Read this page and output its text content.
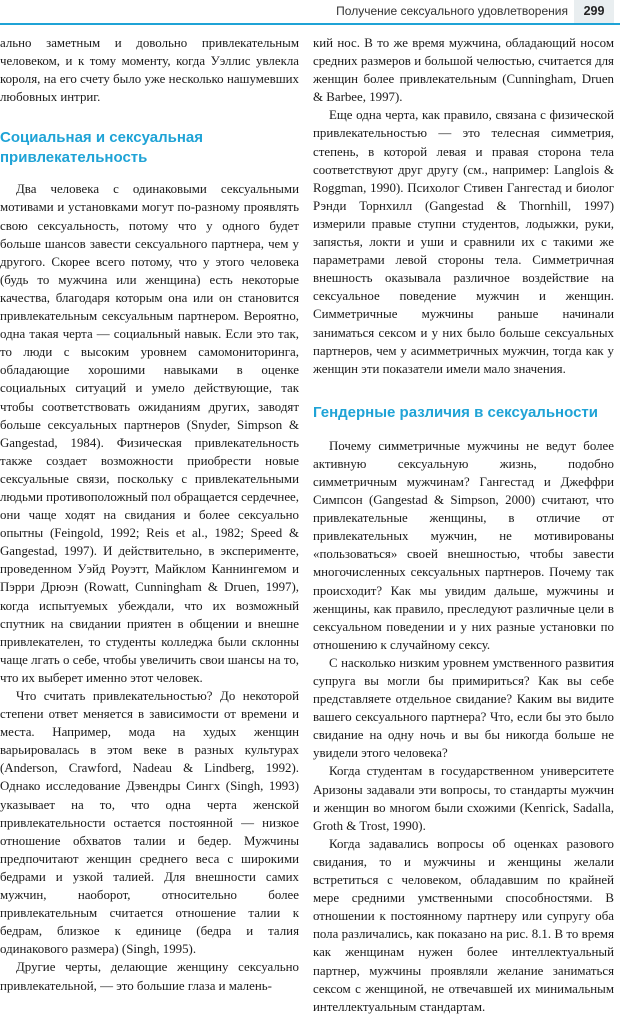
Получение сексуального удовлетворения	299

ально заметным и довольно привлекательным человеком, и к тому моменту, когда Уэллис увлекла короля, на его счету было уже несколько нашумевших любовных интриг.

Социальная и сексуальная привлекательность

Два человека с одинаковыми сексуальными мотивами и установками могут по-разному проявлять свою сексуальность, потому что у одного будет больше шансов завести сексуального партнера, чем у другого. Скорее всего потому, что у этого человека (будь то мужчина или женщина) есть некоторые качества, благодаря которым она или он становится привлекательным сексуальным партнером. Вероятно, одна такая черта — социальный навык. Если это так, то люди с высоким уровнем самомониторинга, обладающие хорошими навыками в оценке социальных ситуаций и умело действующие, так чтобы соответствовать ожиданиям других, заводят больше сексуальных партнеров (Snyder, Simpson & Gangestad, 1984). Физическая привлекательность также создает возможности приобрести новые сексуальные связи, поскольку с привлекательными людьми противоположный пол обращается сердечнее, они чаще ходят на свидания и более сексуально опытны (Feingold, 1992; Reis et al., 1982; Speed & Gangestad, 1997). И действительно, в эксперименте, проведенном Уэйд Роуэтт, Майклом Каннингемом и Пэрри Дрюэн (Rowatt, Cunningham & Druen, 1997), когда испытуемых убеждали, что их возможный спутник на свидании приятен в общении и внешне привлекателен, то студенты колледжа были склонны чаще лгать о себе, чтобы увеличить свои шансы на то, что их выберет именно этот человек.

Что считать привлекательностью? До некоторой степени ответ меняется в зависимости от времени и места. Например, мода на худых женщин варьировалась в этом веке в разных культурах (Anderson, Crawford, Nadeau & Lindberg, 1992). Однако исследование Дэвендры Сингх (Singh, 1993) указывает на то, что одна черта женской привлекательности остается постоянной — низкое отношение обхватов талии и бедер. Мужчины предпочитают женщин среднего веса с широкими бедрами и узкой талией. Для внешности самих мужчин, наоборот, относительно более привлекательным считается отношение талии к бедрам, близкое к единице (бедра и талия одинакового размера) (Singh, 1995).

Другие черты, делающие женщину сексуально привлекательной, — это большие глаза и малень-

кий нос. В то же время мужчина, обладающий носом средних размеров и большой челюстью, считается для женщин более привлекательным (Cunningham, Druen & Barbee, 1997).

Еще одна черта, как правило, связана с физической привлекательностью — это телесная симметрия, степень, в которой левая и правая сторона тела соответствуют друг другу (см., например: Langlois & Roggman, 1990). Психолог Стивен Гангестад и биолог Рэнди Торнхилл (Gangestad & Thornhill, 1997) измерили правые ступни студентов, лодыжки, руки, запястья, локти и уши и сравнили их с такими же параметрами левой стороны тела. Симметричная внешность оказывала различное воздействие на сексуальное поведение мужчин и женщин. Симметричные мужчины раньше начинали заниматься сексом и у них было больше сексуальных партнеров, чем у асимметричных мужчин, тогда как у женщин эти показатели имели мало значения.

Гендерные различия в сексуальности

Почему симметричные мужчины не ведут более активную сексуальную жизнь, подобно симметричным мужчинам? Гангестад и Джеффри Симпсон (Gangestad & Simpson, 2000) считают, что привлекательные женщины, в отличие от привлекательных мужчин, не мотивированы «пользоваться» своей внешностью, чтобы завести многочисленных сексуальных партнеров. Почему так происходит? Как мы увидим дальше, мужчины и женщины, как правило, преследуют различные цели в сексуальном поведении и у них разные установки по отношению к случайному сексу.

С насколько низким уровнем умственного развития супруга вы могли бы примириться? Как вы себе представляете отдельное свидание? Каким вы видите вашего сексуального партнера? Что, если бы это было свидание на одну ночь и вы бы никогда больше не увидели этого человека?

Когда студентам в государственном университете Аризоны задавали эти вопросы, то стандарты мужчин и женщин во многом были схожими (Kenrick, Sadalla, Groth & Trost, 1990).

Когда задавались вопросы об оценках разового свидания, то и мужчины и женщины желали встретиться с человеком, обладавшим по крайней мере средними умственными способностями. В отношении к постоянному партнеру или супругу оба пола различались, как показано на рис. 8.1. В то время как женщинам нужен более интеллектуальный партнер, мужчины проявляли желание заниматься сексом с женщиной, не отвечавшей их минимальным интеллектуальным стандартам.
